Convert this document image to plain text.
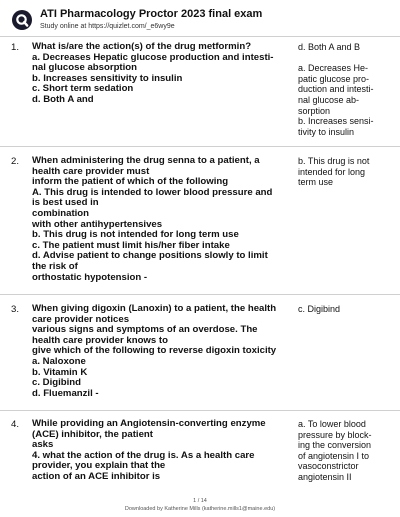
ATI Pharmacology Proctor 2023 final exam
Study online at https://quizlet.com/_e6wy9e
1. What is/are the action(s) of the drug metformin?
a. Decreases Hepatic glucose production and intesti-
nal glucose absorption
b. Increases sensitivity to insulin
c. Short term sedation
d. Both A and
d. Both A and B

a. Decreases He-
patic glucose pro-
duction and intesti-
nal glucose ab-
sorption
b. Increases sensi-
tivity to insulin
2. When administering the drug senna to a patient, a
health care provider must
inform the patient of which of the following
A. This drug is intended to lower blood pressure and
is best used in
combination
with other antihypertensives
b. This drug is not intended for long term use
c. The patient must limit his/her fiber intake
d. Advise patient to change positions slowly to limit
the risk of
orthostatic hypotension -
b. This drug is not
intended for long
term use
3. When giving digoxin (Lanoxin) to a patient, the health
care provider notices
various signs and symptoms of an overdose. The
health care provider knows to
give which of the following to reverse digoxin toxicity
a. Naloxone
b. Vitamin K
c. Digibind
d. Fluemanzil -
c. Digibind
4. While providing an Angiotensin-converting enzyme
(ACE) inhibitor, the patient
asks
4. what the action of the drug is. As a health care
provider, you explain that the
action of an ACE inhibitor is
a. To lower blood
pressure by block-
ing the conversion
of angiotensin I to
vasoconstrictor
angiotensin II
1 / 14
Downloaded by Katherine Mills (katherine.mills1@maine.edu)
